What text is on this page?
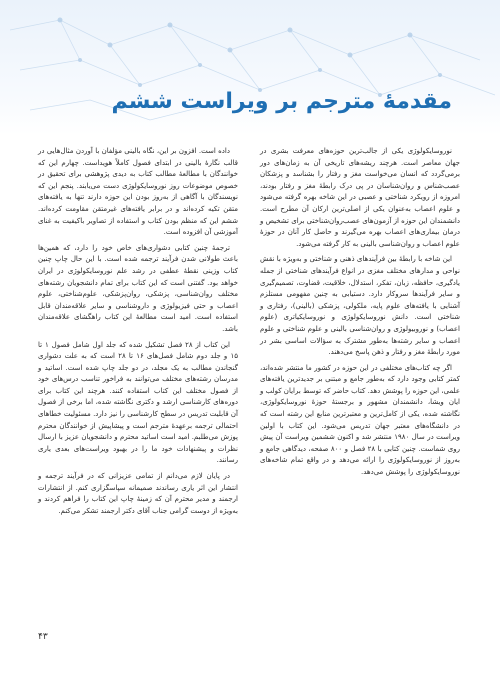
مقدمهٔ مترجم بر ویراست ششم

نوروسایکولوژی یکی از جالب‌ترین حوزه‌های معرفت بشری در جهان معاصر است. هرچند ریشه‌های تاریخی آن به زمان‌های دور برمی‌گردد که انسان می‌خواست مغز و رفتار را بشناسد و پزشکان عصب‌شناس و روان‌شناسان در پی درک رابطهٔ مغز و رفتار بودند، امروزه از رویکرد شناختی و عصبی در این شاخه بهره گرفته می‌شود و علوم اعصاب به‌عنوان یکی از اصلی‌ترین ارکان آن مطرح است. دانشمندان این حوزه از آزمون‌های عصب‌روان‌شناختی برای تشخیص و درمان بیماری‌های اعصاب بهره می‌گیرند و حاصل کار آنان در حوزهٔ علوم اعصاب و روان‌شناسی بالینی به کار گرفته می‌شود.

این شاخه با رابطهٔ بین فرآیندهای ذهنی و شناختی و به‌ویژه با نقش نواحی و مدارهای مختلف مغزی در انواع فرآیندهای شناختی از جمله یادگیری، حافظه، زبان، تفکر، استدلال، خلاقیت، قضاوت، تصمیم‌گیری و سایر فرآیندها سروکار دارد. دستیابی به چنین مفهومی مستلزم آشنایی با یافته‌های علوم پایه، ملکولی، پزشکی (بالینی)، رفتاری و شناختی است. دانش نوروسایکولوژی و نوروسایکیاتری (علوم اعصاب) و نوروبیولوژی و روان‌شناسی بالینی و علوم شناختی و علوم اعصاب و سایر رشته‌ها به‌طور مشترک به سؤالات اساسی بشر در مورد رابطهٔ مغز و رفتار و ذهن پاسخ می‌دهند.

اگر چه کتاب‌های مختلفی در این حوزه در کشور ما منتشر شده‌اند، کمتر کتابی وجود دارد که به‌طور جامع و مبتنی بر جدیدترین یافته‌های علمی، این حوزه را پوشش دهد. کتاب حاضر که توسط برایان کولب و ایان ویشا، دانشمندان مشهور و برجستهٔ حوزهٔ نوروسایکولوژی، نگاشته شده، یکی از کامل‌ترین و معتبرترین منابع این رشته است که در دانشگاه‌های معتبر جهان تدریس می‌شود. این کتاب با اولین ویراست در سال ۱۹۸۰ منتشر شد و اکنون ششمین ویراست آن پیش روی شماست. چنین کتابی با ۲۸ فصل و ۸۰۰ صفحه، دیدگاهی جامع و به‌روز از نوروسایکولوژی را ارائه می‌دهد و در واقع تمام شاخه‌های نوروسایکولوژی را پوشش می‌دهد.

داده است. افزون بر این، نگاه بالینی مؤلفان با آوردن مثال‌هایی در قالب نگارهٔ بالینی در ابتدای فصول کاملاً هویداست. چهارم این که خوانندگان با مطالعهٔ مطالب کتاب به دیدی پژوهشی برای تحقیق در خصوص موضوعات روز نوروسایکولوژی دست می‌یابند. پنجم این که نویسندگان با آگاهی از به‌روز بودن این حوزه دارند تنها به یافته‌های متقن تکیه کرده‌اند و در برابر یافته‌های غیرمتقن مقاومت کرده‌اند. ششم این که منظم بودن کتاب و استفاده از تصاویر باکیفیت به غنای آموزشی آن افزوده است.

ترجمهٔ چنین کتابی دشواری‌های خاص خود را دارد، که همین‌ها باعث طولانی شدن فرآیند ترجمه شده است. با این حال چاپ چنین کتاب وزینی نقطهٔ عطفی در رشد علم نوروسایکولوژی در ایران خواهد بود. گفتنی است که این کتاب برای تمام دانشجویان رشته‌های مختلف روان‌شناسی، پزشکی، روان‌پزشکی، علوم‌شناختی، علوم اعصاب و حتی فیزیولوژی و داروشناسی و سایر علاقه‌مندان قابل استفاده است. امید است مطالعهٔ این کتاب راهگشای علاقه‌مندان باشد.

این کتاب از ۲۸ فصل تشکیل شده که جلد اول شامل فصول ۱ تا ۱۵ و جلد دوم شامل فصل‌های ۱۶ تا ۲۸ است که به علت دشواری گنجاندن مطالب به یک مجلد، در دو جلد چاپ شده است. اساتید و مدرسان رشته‌های مختلف می‌توانند به فراخور تناسب درس‌های خود از فصول مختلف این کتاب استفاده کنند. هرچند این کتاب برای دوره‌های کارشناسی ارشد و دکتری نگاشته شده، اما برخی از فصول آن قابلیت تدریس در سطح کارشناسی را نیز دارد. مسئولیت خطاهای احتمالی ترجمه برعهدهٔ مترجم است و پیشاپیش از خوانندگان محترم پوزش می‌طلبم. امید است اساتید محترم و دانشجویان عزیز با ارسال نظرات و پیشنهادات خود ما را در بهبود ویراست‌های بعدی یاری رسانند.

در پایان لازم می‌دانم از تمامی عزیزانی که در فرآیند ترجمه و انتشار این اثر یاری رساندند صمیمانه سپاسگزاری کنم. از انتشارات ارجمند و مدیر محترم آن که زمینهٔ چاپ این کتاب را فراهم کردند و به‌ویژه از دوست گرامی جناب آقای دکتر ارجمند تشکر می‌کنم.

۴۳
